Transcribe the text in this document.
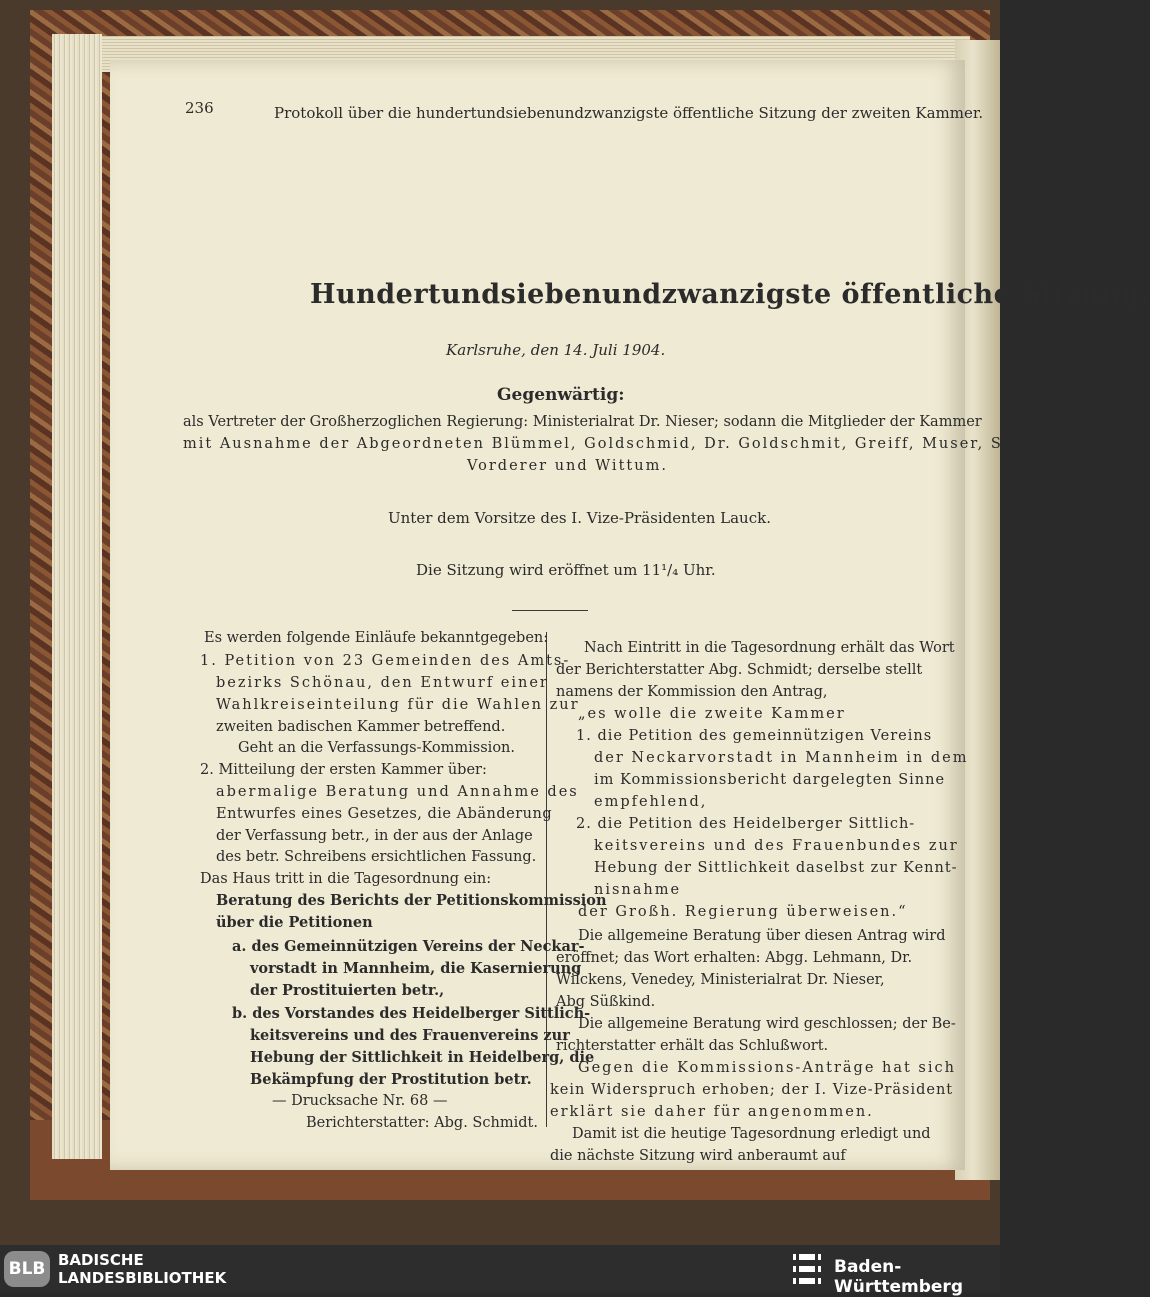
236	Protokoll über die hundertundsiebenundzwanzigste öffentliche Sitzung der zweiten Kammer.
Hundertundsiebenundzwanzigste öffentliche Sitzung.
Karlsruhe, den 14. Juli 1904.
Gegenwärtig:
als Vertreter der Großherzoglichen Regierung: Ministerialrat Dr. Nieser; sodann die Mitglieder der Kammer
mit Ausnahme der Abgeordneten Blümmel, Goldschmid, Dr. Goldschmit, Greiff, Muser, Stratz,
Vorderer und Wittum.
Unter dem Vorsitze des I. Vize-Präsidenten Lauck.
Die Sitzung wird eröffnet um 11¹/₄ Uhr.
Es werden folgende Einläufe bekanntgegeben:
1. Petition von 23 Gemeinden des Amts-
bezirks Schönau, den Entwurf einer
Wahlkreiseinteilung für die Wahlen zur
zweiten badischen Kammer betreffend.
Geht an die Verfassungs-Kommission.
2. Mitteilung der ersten Kammer über:
abermalige Beratung und Annahme des
Entwurfes eines Gesetzes, die Abänderung
der Verfassung betr., in der aus der Anlage
des betr. Schreibens ersichtlichen Fassung.
Das Haus tritt in die Tagesordnung ein:
Beratung des Berichts der Petitionskommission
über die Petitionen
a. des Gemeinnützigen Vereins der Neckar-
vorstadt in Mannheim, die Kasernierung
der Prostituierten betr.,
b. des Vorstandes des Heidelberger Sittlich-
keitsvereins und des Frauenvereins zur
Hebung der Sittlichkeit in Heidelberg, die
Bekämpfung der Prostitution betr.
— Drucksache Nr. 68 —
Berichterstatter: Abg. Schmidt.
Nach Eintritt in die Tagesordnung erhält das Wort
der Berichterstatter Abg. Schmidt; derselbe stellt
namens der Kommission den Antrag,
„es wolle die zweite Kammer
1. die Petition des gemeinnützigen Vereins
der Neckarvorstadt in Mannheim in dem
im Kommissionsbericht dargelegten Sinne
empfehlend,
2. die Petition des Heidelberger Sittlich-
keitsvereins und des Frauenbundes zur
Hebung der Sittlichkeit daselbst zur Kennt-
nisnahme
der Großh. Regierung überweisen.“
Die allgemeine Beratung über diesen Antrag wird
eröffnet; das Wort erhalten: Abgg. Lehmann, Dr.
Wilckens, Venedey, Ministerialrat Dr. Nieser,
Abg Süßkind.
Die allgemeine Beratung wird geschlossen; der Be-
richterstatter erhält das Schlußwort.
Gegen die Kommissions-Anträge hat sich
kein Widerspruch erhoben; der I. Vize-Präsident
erklärt sie daher für angenommen.
Damit ist die heutige Tagesordnung erledigt und
die nächste Sitzung wird anberaumt auf
BLB BADISCHE
LANDESBIBLIOTHEK
Baden-Württemberg
